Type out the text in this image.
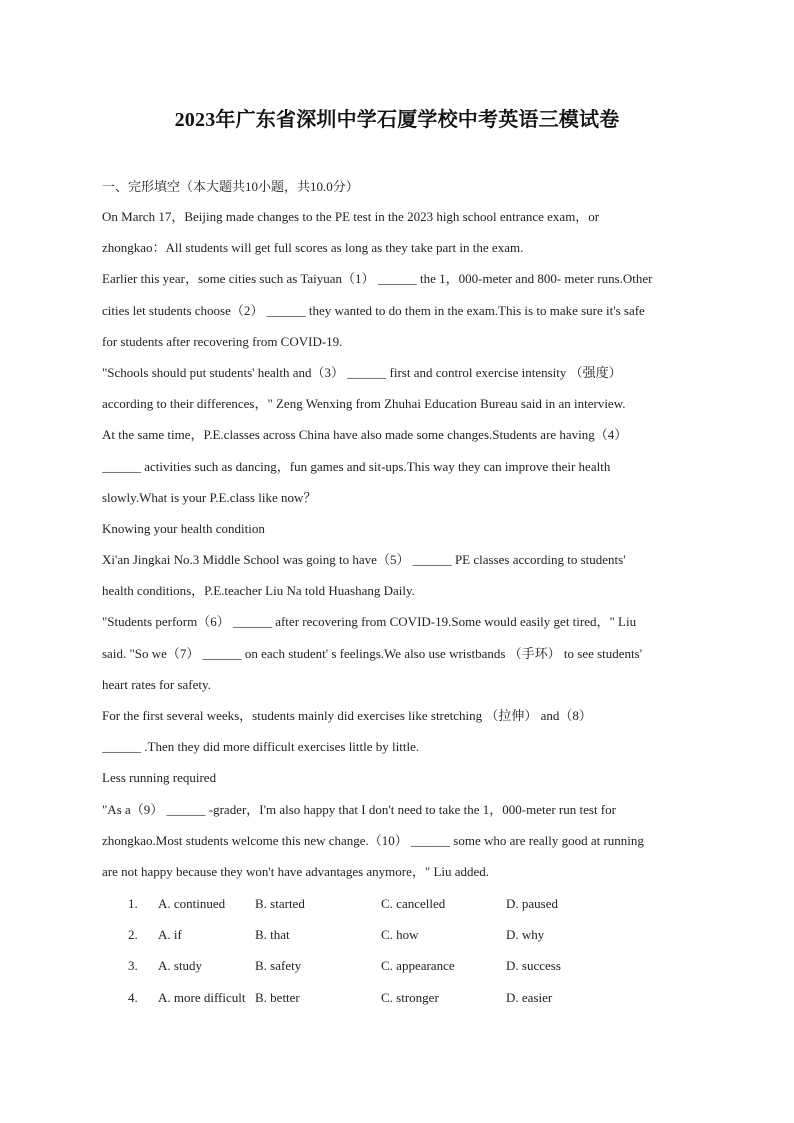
2023年广东省深圳中学石厦学校中考英语三模试卷
一、完形填空（本大题共10小题，共10.0分）
On March 17，Beijing made changes to the PE test in the 2023 high school entrance exam，or
zhongkao：All students will get full scores as long as they take part in the exam.
Earlier this year，some cities such as Taiyuan（1） ______ the 1，000-meter and 800- meter runs.Other
cities let students choose（2） ______ they wanted to do them in the exam.This is to make sure it's safe
for students after recovering from COVID-19.
"Schools should put students' health and（3） ______ first and control exercise intensity （强度）
according to their differences，" Zeng Wenxing from Zhuhai Education Bureau said in an interview.
At the same time，P.E.classes across China have also made some changes.Students are having（4）
______ activities such as dancing，fun games and sit-ups.This way they can improve their health
slowly.What is your P.E.class like now？
Knowing your health condition
Xi'an Jingkai No.3 Middle School was going to have（5） ______ PE classes according to students'
health conditions，P.E.teacher Liu Na told Huashang Daily.
"Students perform（6） ______ after recovering from COVID-19.Some would easily get tired，" Liu
said. "So we（7） ______ on each student' s feelings.We also use wristbands （手环） to see students'
heart rates for safety.
For the first several weeks，students mainly did exercises like stretching （拉伸） and（8）
______ .Then they did more difficult exercises little by little.
Less running required
"As a（9） ______ -grader，I'm also happy that I don't need to take the 1，000-meter run test for
zhongkao.Most students welcome this new change.（10） ______ some who are really good at running
are not happy because they won't have advantages anymore，" Liu added.
1. A. continued B. started	C. cancelled	D. paused
2. A. if	B. that	C. how	D. why
3. A. study	B. safety	C. appearance	D. success
4. A. more difficult B. better	C. stronger	D. easier
